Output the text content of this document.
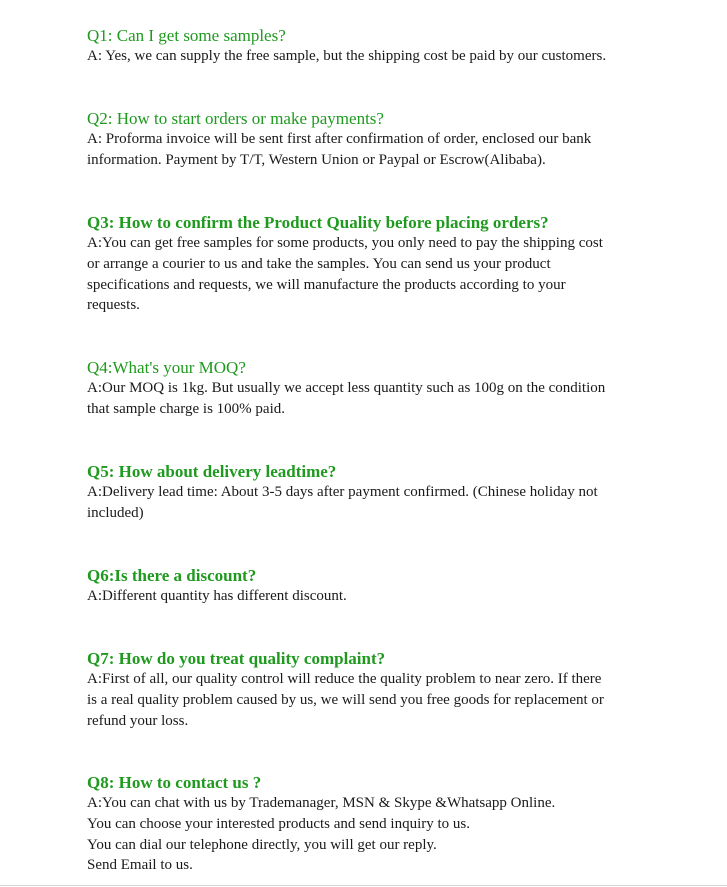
Q1: Can I get some samples?

A: Yes, we can supply the free sample, but the shipping cost be paid by our customers.

Q2: How to start orders or make payments?

A: Proforma invoice will be sent first after confirmation of order, enclosed our bank
information. Payment by T/T, Western Union or Paypal or Escrow(Alibaba).

Q3: How to confirm the Product Quality before placing orders?

A:You can get free samples for some products, you only need to pay the shipping cost
or arrange a courier to us and take the samples. You can send us your product
specifications and requests, we will manufacture the products according to your
requests.

Q4:What's your MOQ?

A:Our MOQ is 1kg. But usually we accept less quantity such as 100g on the condition
that sample charge is 100% paid.

Q5: How about delivery leadtime?

A:Delivery lead time: About 3-5 days after payment confirmed. (Chinese holiday not
included)

Q6:Is there a discount?

A:Different quantity has different discount.

Q7: How do you treat quality complaint?

A:First of all, our quality control will reduce the quality problem to near zero. If there
is a real quality problem caused by us, we will send you free goods for replacement or
refund your loss.

Q8: How to contact us ?

A:You can chat with us by Trademanager, MSN & Skype &Whatsapp Online.
You can choose your interested products and send inquiry to us.
You can dial our telephone directly, you will get our reply.
Send Email to us.
